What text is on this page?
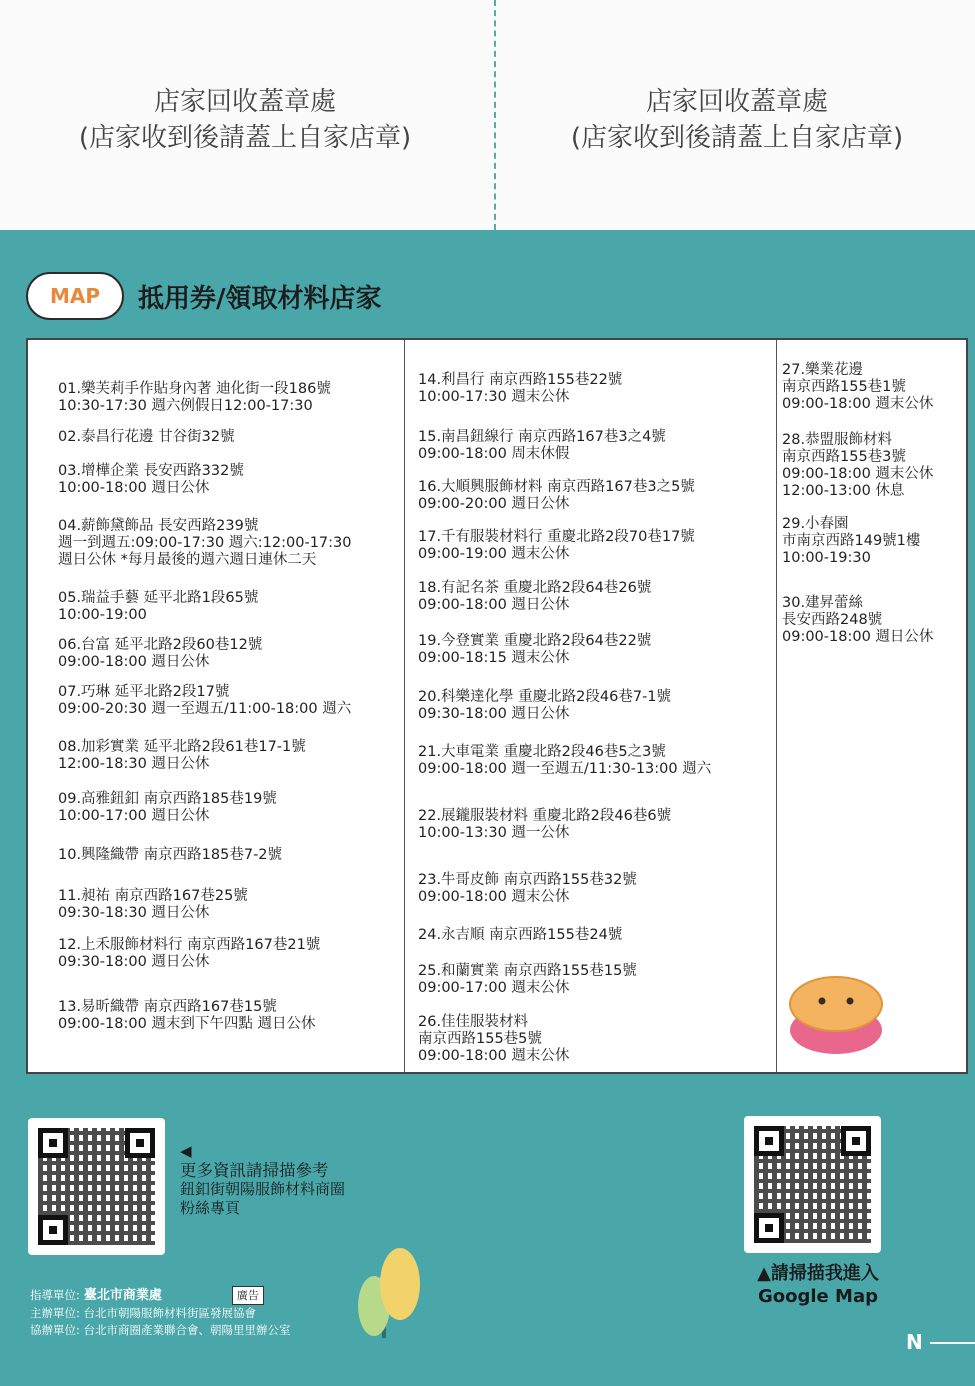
店家回收蓋章處
(店家收到後請蓋上自家店章)
店家回收蓋章處
(店家收到後請蓋上自家店章)
MAP	抵用券/領取材料店家
01.樂芙莉手作貼身內著 迪化街一段186號
10:30-17:30 週六例假日12:00-17:30
02.泰昌行花邊 甘谷街32號
03.增樺企業 長安西路332號
10:00-18:00 週日公休
04.薪飾黛飾品 長安西路239號
週一到週五:09:00-17:30 週六:12:00-17:30
週日公休 *每月最後的週六週日連休二天
05.瑞益手藝 延平北路1段65號
10:00-19:00
06.台富 延平北路2段60巷12號
09:00-18:00 週日公休
07.巧琳 延平北路2段17號
09:00-20:30 週一至週五/11:00-18:00 週六
08.加彩實業 延平北路2段61巷17-1號
12:00-18:30 週日公休
09.高雅鈕釦 南京西路185巷19號
10:00-17:00 週日公休
10.興隆織帶 南京西路185巷7-2號
11.昶祐 南京西路167巷25號
09:30-18:30 週日公休
12.上禾服飾材料行 南京西路167巷21號
09:30-18:00 週日公休
13.易昕織帶 南京西路167巷15號
09:00-18:00 週末到下午四點 週日公休
14.利昌行 南京西路155巷22號
10:00-17:30 週末公休
15.南昌鈕線行 南京西路167巷3之4號
09:00-18:00 周末休假
16.大順興服飾材料 南京西路167巷3之5號
09:00-20:00 週日公休
17.千有服裝材料行 重慶北路2段70巷17號
09:00-19:00 週末公休
18.有記名茶 重慶北路2段64巷26號
09:00-18:00 週日公休
19.今登實業 重慶北路2段64巷22號
09:00-18:15 週末公休
20.科樂達化學 重慶北路2段46巷7-1號
09:30-18:00 週日公休
21.大車電業 重慶北路2段46巷5之3號
09:00-18:00 週一至週五/11:30-13:00 週六
22.展鑨服裝材料 重慶北路2段46巷6號
10:00-13:30 週一公休
23.牛哥皮飾 南京西路155巷32號
09:00-18:00 週末公休
24.永吉順 南京西路155巷24號
25.和蘭實業 南京西路155巷15號
09:00-17:00 週末公休
26.佳佳服裝材料
南京西路155巷5號
09:00-18:00 週末公休
27.樂業花邊
南京西路155巷1號
09:00-18:00 週末公休
28.恭盟服飾材料
南京西路155巷3號
09:00-18:00 週末公休
12:00-13:00 休息
29.小春園
市南京西路149號1樓
10:00-19:30
30.建昇蕾絲
長安西路248號
09:00-18:00 週日公休
◀
更多資訊請掃描參考
鈕釦街朝陽服飾材料商圈
粉絲專頁
▲請掃描我進入
Google Map
指導單位: 臺北市商業處	廣告
主辦單位: 台北市朝陽服飾材料街區發展協會
協辦單位: 台北市商圈產業聯合會、朝陽里里辦公室	N
